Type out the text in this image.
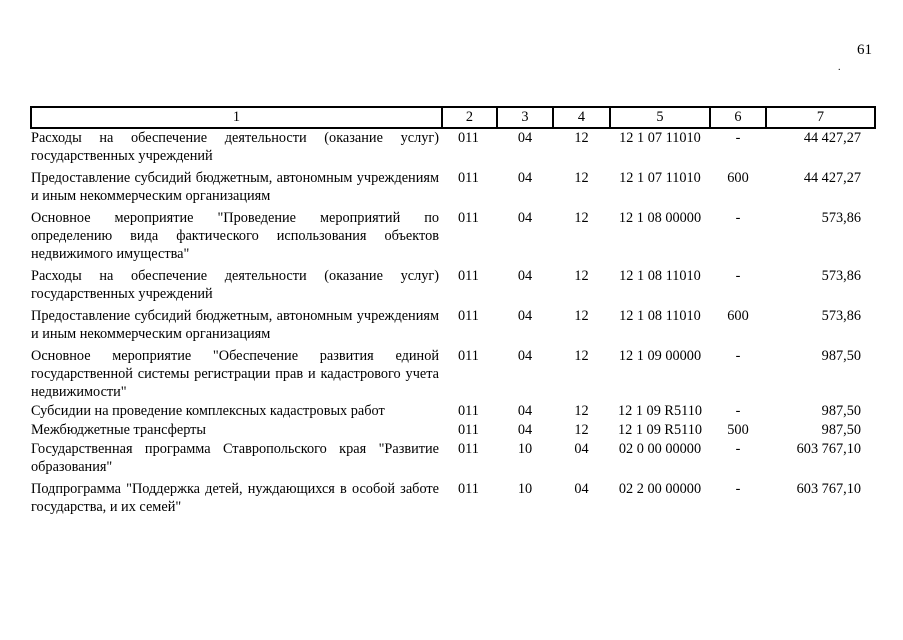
61
.
1	2	3	4	5	6	7
Расходы на обеспечение деятельности (оказание услуг) государственных учреждений	011	04	12	12 1 07 11010	-	44 427,27
Предоставление субсидий бюджетным, автономным учреждениям и иным некоммерческим организациям	011	04	12	12 1 07 11010	600	44 427,27
Основное мероприятие "Проведение мероприятий по определению вида фактического использования объектов недвижимого имущества"	011	04	12	12 1 08 00000	-	573,86
Расходы на обеспечение деятельности (оказание услуг) государственных учреждений	011	04	12	12 1 08 11010	-	573,86
Предоставление субсидий бюджетным, автономным учреждениям и иным некоммерческим организациям	011	04	12	12 1 08 11010	600	573,86
Основное мероприятие "Обеспечение развития единой государственной системы регистрации прав и кадастрового учета недвижимости"	011	04	12	12 1 09 00000	-	987,50
Субсидии на проведение комплексных кадастровых работ	011	04	12	12 1 09 R5110	-	987,50
Межбюджетные трансферты	011	04	12	12 1 09 R5110	500	987,50
Государственная программа Ставропольского края "Развитие образования"	011	10	04	02 0 00 00000	-	603 767,10
Подпрограмма "Поддержка детей, нуждающихся в особой заботе государства, и их семей"	011	10	04	02 2 00 00000	-	603 767,10
